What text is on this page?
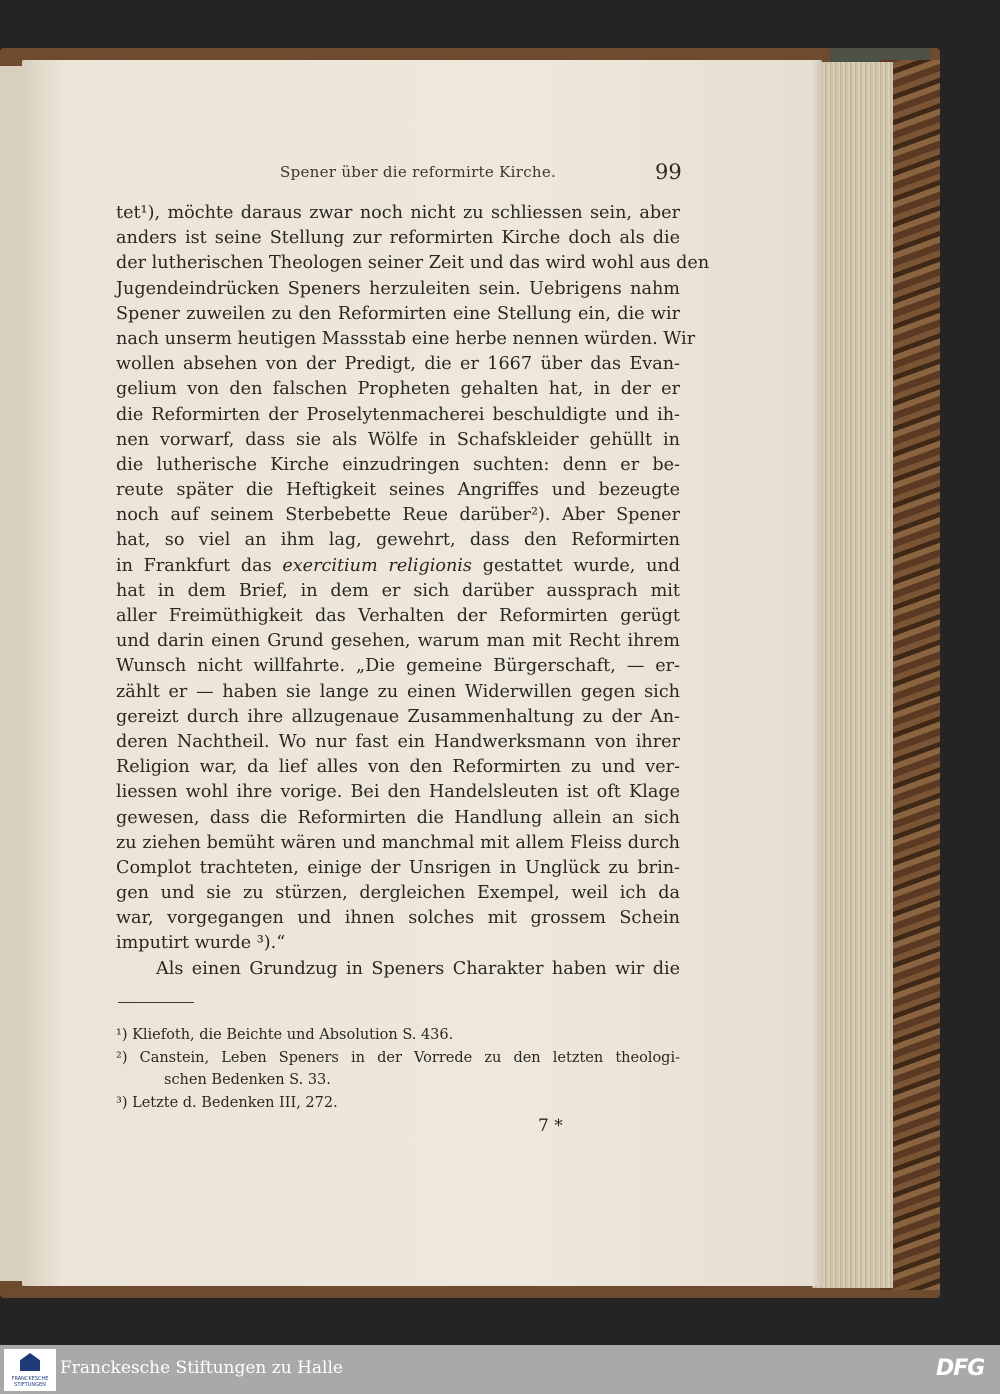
Spener über die reformirte Kirche.	99
tet¹), möchte daraus zwar noch nicht zu schliessen sein, aber
anders ist seine Stellung zur reformirten Kirche doch als die
der lutherischen Theologen seiner Zeit und das wird wohl aus den
Jugendeindrücken Speners herzuleiten sein. Uebrigens nahm
Spener zuweilen zu den Reformirten eine Stellung ein, die wir
nach unserm heutigen Massstab eine herbe nennen würden. Wir
wollen absehen von der Predigt, die er 1667 über das Evan-
gelium von den falschen Propheten gehalten hat, in der er
die Reformirten der Proselytenmacherei beschuldigte und ih-
nen vorwarf, dass sie als Wölfe in Schafskleider gehüllt in
die lutherische Kirche einzudringen suchten: denn er be-
reute später die Heftigkeit seines Angriffes und bezeugte
noch auf seinem Sterbebette Reue darüber²). Aber Spener
hat, so viel an ihm lag, gewehrt, dass den Reformirten
in Frankfurt das exercitium religionis gestattet wurde, und
hat in dem Brief, in dem er sich darüber aussprach mit
aller Freimüthigkeit das Verhalten der Reformirten gerügt
und darin einen Grund gesehen, warum man mit Recht ihrem
Wunsch nicht willfahrte. „Die gemeine Bürgerschaft, — er-
zählt er — haben sie lange zu einen Widerwillen gegen sich
gereizt durch ihre allzugenaue Zusammenhaltung zu der An-
deren Nachtheil. Wo nur fast ein Handwerksmann von ihrer
Religion war, da lief alles von den Reformirten zu und ver-
liessen wohl ihre vorige. Bei den Handelsleuten ist oft Klage
gewesen, dass die Reformirten die Handlung allein an sich
zu ziehen bemüht wären und manchmal mit allem Fleiss durch
Complot trachteten, einige der Unsrigen in Unglück zu brin-
gen und sie zu stürzen, dergleichen Exempel, weil ich da
war, vorgegangen und ihnen solches mit grossem Schein
imputirt wurde ³).“
Als einen Grundzug in Speners Charakter haben wir die
¹) Kliefoth, die Beichte und Absolution S. 436.
²) Canstein, Leben Speners in der Vorrede zu den letzten theologi-
schen Bedenken S. 33.
³) Letzte d. Bedenken III, 272.
7 *
FRANCKESCHE
STIFTUNGEN
Franckesche Stiftungen zu Halle	DFG
